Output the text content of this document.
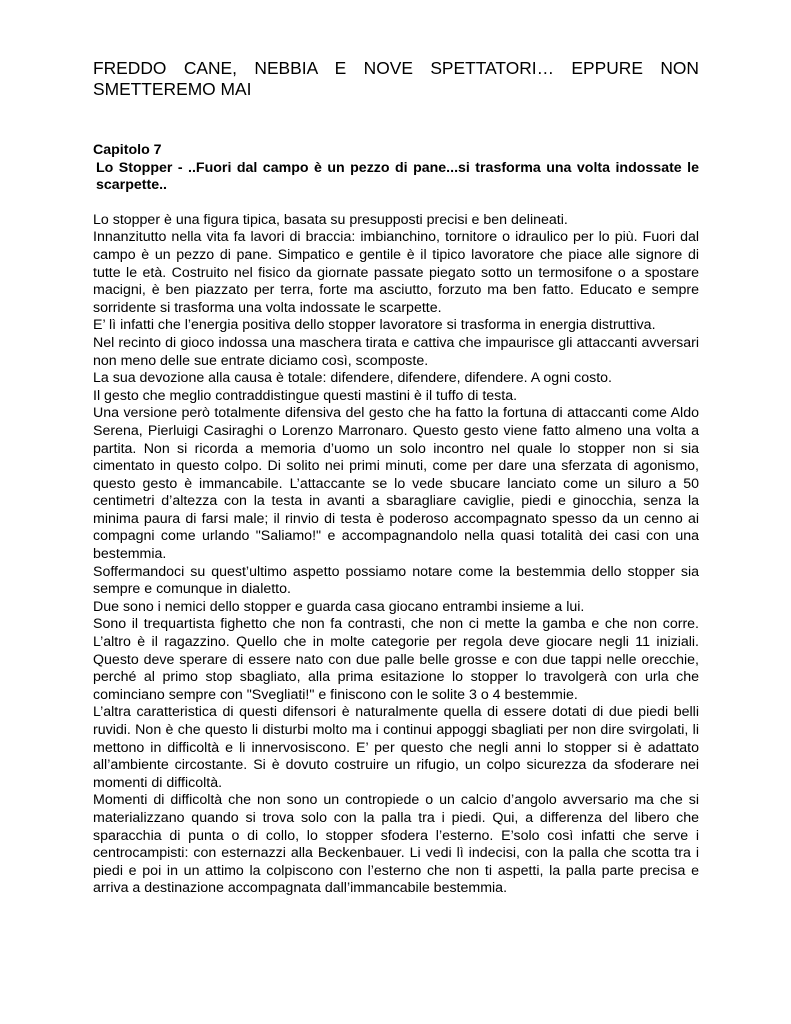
FREDDO CANE, NEBBIA E NOVE SPETTATORI… EPPURE NON SMETTEREMO MAI

Capitolo 7

Lo Stopper - ..Fuori dal campo è un pezzo di pane...si trasforma una volta indossate le scarpette..

Lo stopper è una figura tipica, basata su presupposti precisi e ben delineati.

Innanzitutto nella vita fa lavori di braccia: imbianchino, tornitore o idraulico per lo più. Fuori dal campo è un pezzo di pane. Simpatico e gentile è il tipico lavoratore che piace alle signore di tutte le età. Costruito nel fisico da giornate passate piegato sotto un termosifone o a spostare macigni, è ben piazzato per terra, forte ma asciutto, forzuto ma ben fatto. Educato e sempre sorridente si trasforma una volta indossate le scarpette.

E’ lì infatti che l’energia positiva dello stopper lavoratore si trasforma in energia distruttiva.

Nel recinto di gioco indossa una maschera tirata e cattiva che impaurisce gli attaccanti avversari non meno delle sue entrate diciamo così, scomposte.

La sua devozione alla causa è totale: difendere, difendere, difendere. A ogni costo.

Il gesto che meglio contraddistingue questi mastini è il tuffo di testa.

Una versione però totalmente difensiva del gesto che ha fatto la fortuna di attaccanti come Aldo Serena, Pierluigi Casiraghi o Lorenzo Marronaro. Questo gesto viene fatto almeno una volta a partita. Non si ricorda a memoria d’uomo un solo incontro nel quale lo stopper non si sia cimentato in questo colpo. Di solito nei primi minuti, come per dare una sferzata di agonismo, questo gesto è immancabile. L’attaccante se lo vede sbucare lanciato come un siluro a 50 centimetri d’altezza con la testa in avanti a sbaragliare caviglie, piedi e ginocchia, senza la minima paura di farsi male; il rinvio di testa è poderoso accompagnato spesso da un cenno ai compagni come urlando "Saliamo!" e accompagnandolo nella quasi totalità dei casi con una bestemmia.

Soffermandoci su quest’ultimo aspetto possiamo notare come la bestemmia dello stopper sia sempre e comunque in dialetto.

Due sono i nemici dello stopper e guarda casa giocano entrambi insieme a lui.

Sono il trequartista fighetto che non fa contrasti, che non ci mette la gamba e che non corre. L’altro è il ragazzino. Quello che in molte categorie per regola deve giocare negli 11 iniziali. Questo deve sperare di essere nato con due palle belle grosse e con due tappi nelle orecchie, perché al primo stop sbagliato, alla prima esitazione lo stopper lo travolgerà con urla che cominciano sempre con "Svegliati!" e finiscono con le solite 3 o 4 bestemmie.

L’altra caratteristica di questi difensori è naturalmente quella di essere dotati di due piedi belli ruvidi. Non è che questo li disturbi molto ma i continui appoggi sbagliati per non dire svirgolati, li mettono in difficoltà e li innervosiscono. E’ per questo che negli anni lo stopper si è adattato all’ambiente circostante. Si è dovuto costruire un rifugio, un colpo sicurezza da sfoderare nei momenti di difficoltà.

Momenti di difficoltà che non sono un contropiede o un calcio d’angolo avversario ma che si materializzano quando si trova solo con la palla tra i piedi. Qui, a differenza del libero che sparacchia di punta o di collo, lo stopper sfodera l’esterno. E’solo così infatti che serve i centrocampisti: con esternazzi alla Beckenbauer. Li vedi lì indecisi, con la palla che scotta tra i piedi e poi in un attimo la colpiscono con l’esterno che non ti aspetti, la palla parte precisa e arriva a destinazione accompagnata dall’immancabile bestemmia.
